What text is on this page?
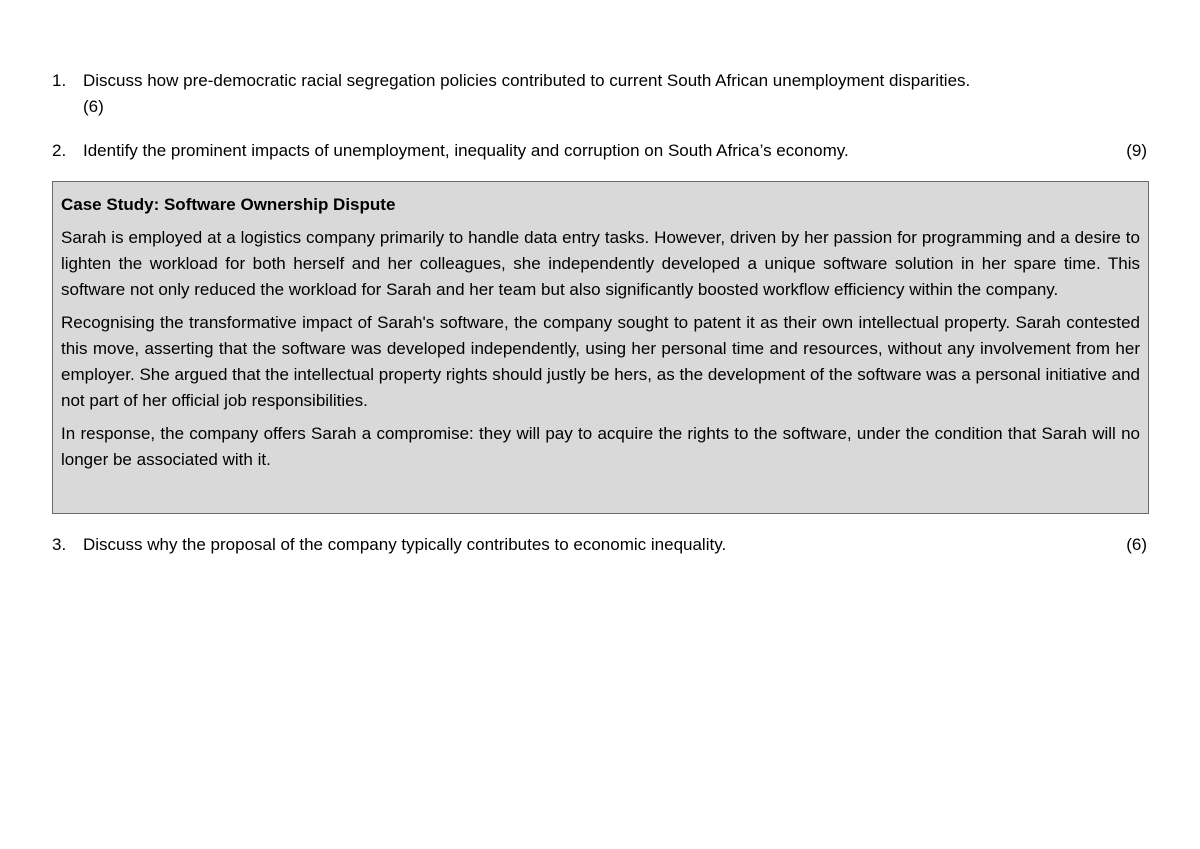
1. Discuss how pre-democratic racial segregation policies contributed to current South African unemployment disparities.
(6)
2. Identify the prominent impacts of unemployment, inequality and corruption on South Africa’s economy.	(9)

Case Study: Software Ownership Dispute

Sarah is employed at a logistics company primarily to handle data entry tasks. However, driven by her passion for programming and a desire to lighten the workload for both herself and her colleagues, she independently developed a unique software solution in her spare time. This software not only reduced the workload for Sarah and her team but also significantly boosted workflow efficiency within the company.

Recognising the transformative impact of Sarah's software, the company sought to patent it as their own intellectual property. Sarah contested this move, asserting that the software was developed independently, using her personal time and resources, without any involvement from her employer. She argued that the intellectual property rights should justly be hers, as the development of the software was a personal initiative and not part of her official job responsibilities.

In response, the company offers Sarah a compromise: they will pay to acquire the rights to the software, under the condition that Sarah will no longer be associated with it.

3. Discuss why the proposal of the company typically contributes to economic inequality.	(6)
